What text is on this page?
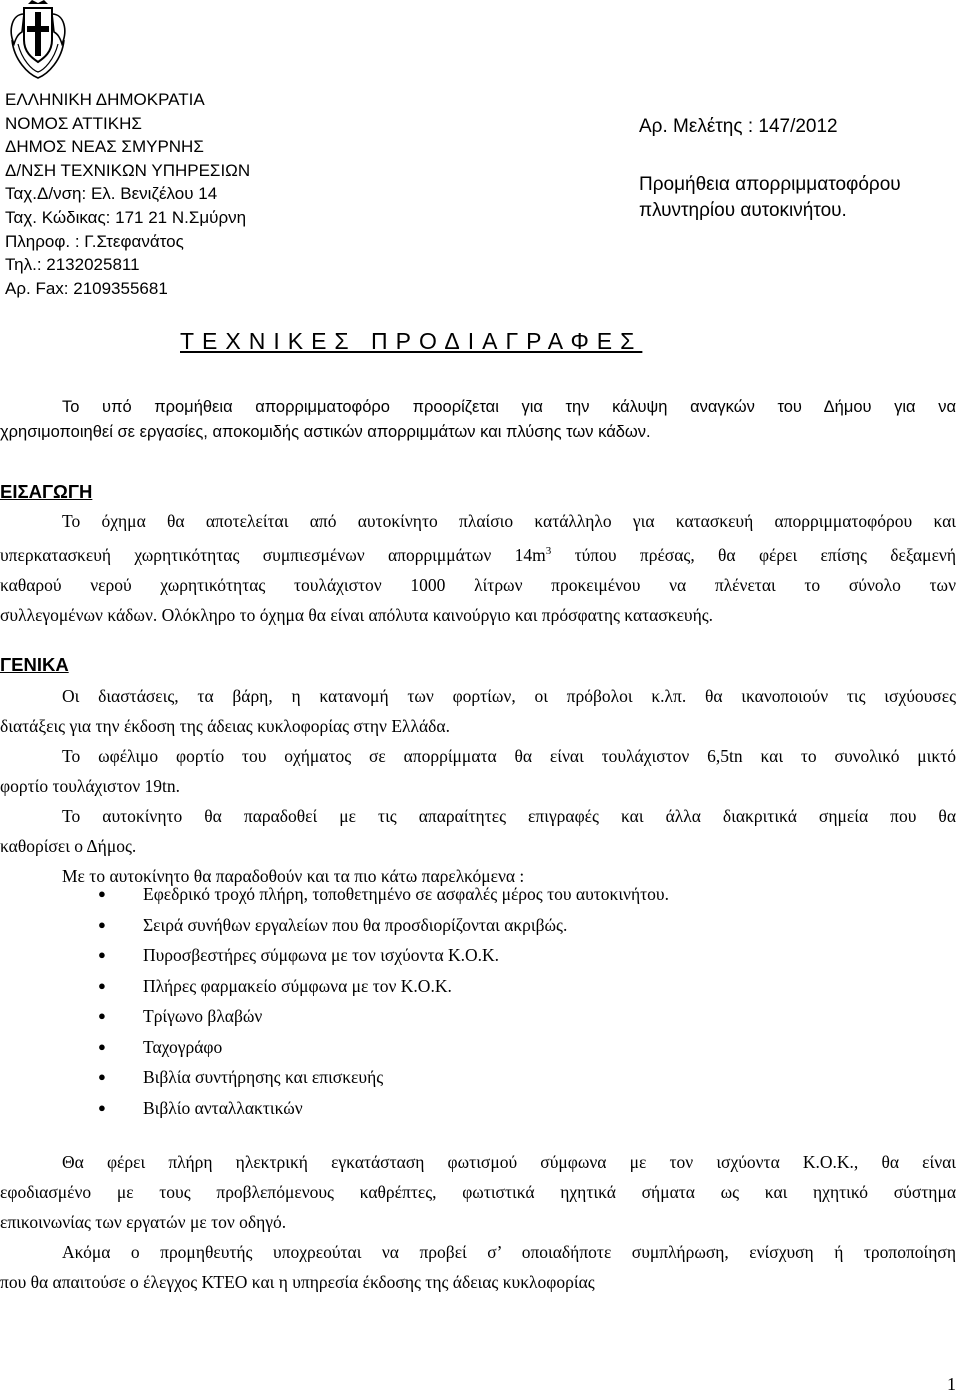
ΕΛΛΗΝΙΚΗ ΔΗΜΟΚΡΑΤΙΑ
ΝΟΜΟΣ ΑΤΤΙΚΗΣ
ΔΗΜΟΣ ΝΕΑΣ ΣΜΥΡΝΗΣ
Δ/ΝΣΗ ΤΕΧΝΙΚΩΝ ΥΠΗΡΕΣΙΩΝ
Ταχ.Δ/νση: Ελ. Βενιζέλου 14
Ταχ. Κώδικας: 171 21 Ν.Σμύρνη
Πληροφ. : Γ.Στεφανάτος
Τηλ.: 2132025811
Αρ. Fax: 2109355681
Αρ. Μελέτης : 147/2012
Προμήθεια απορριμματοφόρου
πλυντηρίου αυτοκινήτου.
ΤΕΧΝΙΚΕΣ ΠΡΟΔΙΑΓΡΑΦΕΣ
Το υπό προμήθεια απορριμματοφόρο προορίζεται για την κάλυψη αναγκών του Δήμου για να
χρησιμοποιηθεί σε εργασίες, αποκομιδής αστικών απορριμμάτων και πλύσης των κάδων.
ΕΙΣΑΓΩΓΗ
Το όχημα θα αποτελείται από αυτοκίνητο πλαίσιο κατάλληλο για κατασκευή απορριμματοφόρου και
υπερκατασκευή χωρητικότητας συμπιεσμένων απορριμμάτων $14m^3$ τύπου πρέσας, θα φέρει επίσης δεξαμενή
καθαρού νερού χωρητικότητας τουλάχιστον 1000 λίτρων προκειμένου να πλένεται το σύνολο των
συλλεγομένων κάδων. Ολόκληρο το όχημα θα είναι απόλυτα καινούργιο και πρόσφατης κατασκευής.
ΓΕΝΙΚΑ
Οι διαστάσεις, τα βάρη, η κατανομή των φορτίων, οι πρόβολοι κ.λπ. θα ικανοποιούν τις ισχύουσες
διατάξεις για την έκδοση της άδειας κυκλοφορίας στην Ελλάδα.
Το ωφέλιμο φορτίο του οχήματος σε απορρίμματα θα είναι τουλάχιστον 6,5tn και το συνολικό μικτό
φορτίο τουλάχιστον 19tn.
Το αυτοκίνητο θα παραδοθεί με τις απαραίτητες επιγραφές και άλλα διακριτικά σημεία που θα
καθορίσει ο Δήμος.
Με το αυτοκίνητο θα παραδοθούν και τα πιο κάτω παρελκόμενα :
● Εφεδρικό τροχό πλήρη, τοποθετημένο σε ασφαλές μέρος του αυτοκινήτου.
● Σειρά συνήθων εργαλείων που θα προσδιορίζονται ακριβώς.
● Πυροσβεστήρες σύμφωνα με τον ισχύοντα Κ.Ο.Κ.
● Πλήρες φαρμακείο σύμφωνα με τον Κ.Ο.Κ.
● Τρίγωνο βλαβών
● Ταχογράφο
● Βιβλία συντήρησης και επισκευής
● Βιβλίο ανταλλακτικών
Θα φέρει πλήρη ηλεκτρική εγκατάσταση φωτισμού σύμφωνα με τον ισχύοντα Κ.Ο.Κ., θα είναι
εφοδιασμένο με τους προβλεπόμενους καθρέπτες, φωτιστικά ηχητικά σήματα ως και ηχητικό σύστημα
επικοινωνίας των εργατών με τον οδηγό.
Ακόμα ο προμηθευτής υποχρεούται να προβεί σ’ οποιαδήποτε συμπλήρωση, ενίσχυση ή τροποποίηση
που θα απαιτούσε ο έλεγχος ΚΤΕΟ και η υπηρεσία έκδοσης της άδειας κυκλοφορίας
1
